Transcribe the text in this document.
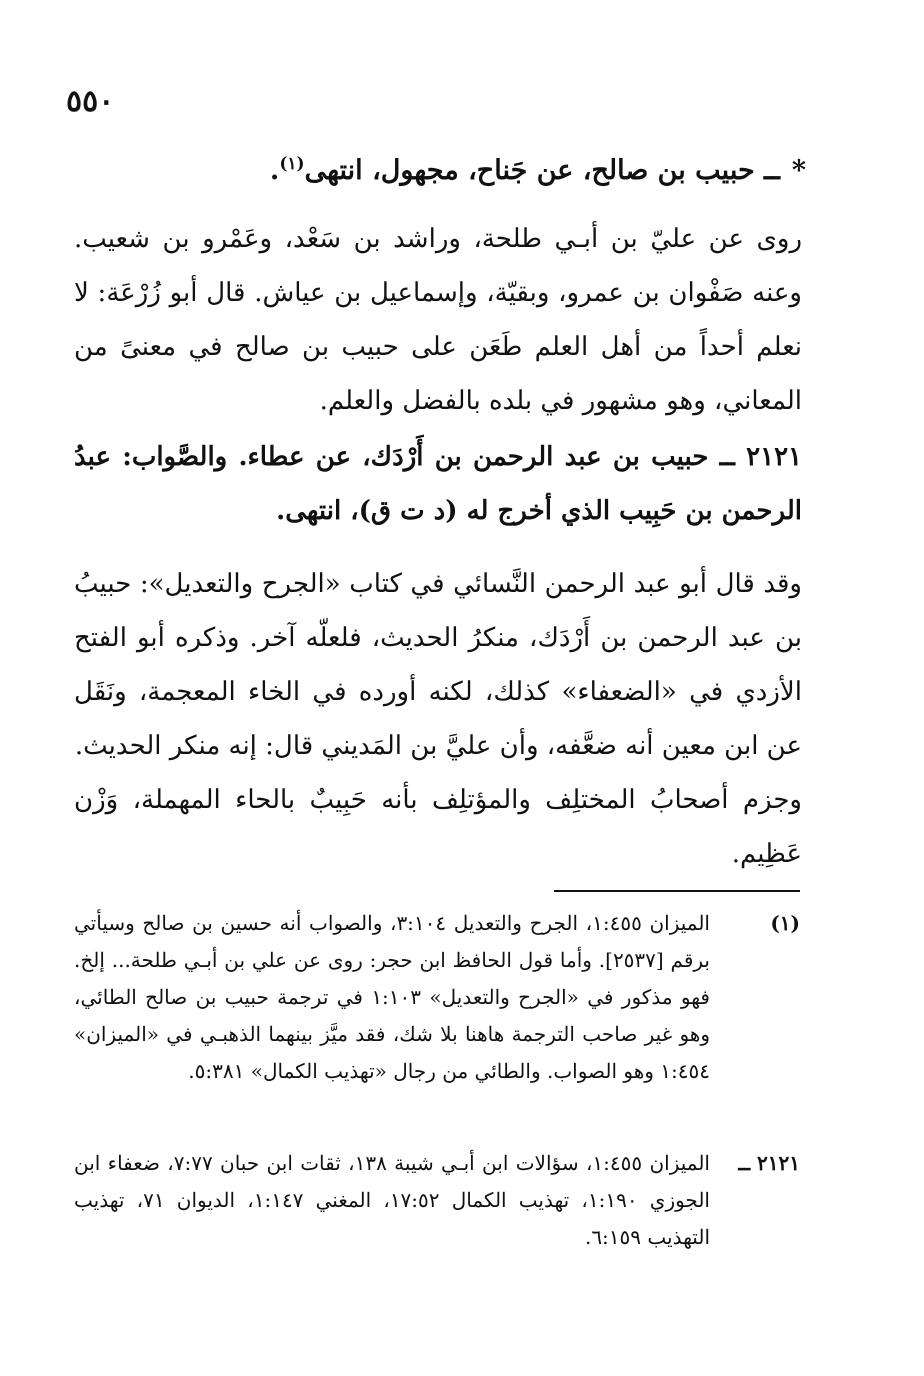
٥٥٠
*ــ حبيب بن صالح، عن جَناح، مجهول، انتهى$^{(١)}$.

روى عن عليّ بن أبـي طلحة، وراشد بن سَعْد، وعَمْرو بن شعيب. وعنه صَفْوان بن عمرو، وبقيّة، وإسماعيل بن عياش. قال أبو زُرْعَة: لا نعلم أحداً من أهل العلم طَعَن على حبيب بن صالح في معنىً من المعاني، وهو مشهور في بلده بالفضل والعلم.

٢١٢١ ــ حبيب بن عبد الرحمن بن أَرْدَك، عن عطاء. والصَّواب: عبدُ الرحمن بن حَبِيب الذي أخرج له (د ت ق)، انتهى.

وقد قال أبو عبد الرحمن النَّسائي في كتاب «الجرح والتعديل»: حبيبُ بن عبد الرحمن بن أَرْدَك، منكرُ الحديث، فلعلّه آخر. وذكره أبو الفتح الأزدي في «الضعفاء» كذلك، لكنه أورده في الخاء المعجمة، ونَقَل عن ابن معين أنه ضعَّفه، وأن عليَّ بن المَديني قال: إنه منكر الحديث.

وجزم أصحابُ المختلِف والمؤتلِف بأنه حَبِيبٌ بالحاء المهملة، وَزْن عَظِيم.

(١)
الميزان ١:٤٥٥، الجرح والتعديل ٣:١٠٤، والصواب أنه حسين بن صالح وسيأتي برقم [٢٥٣٧]. وأما قول الحافظ ابن حجر: روى عن علي بن أبـي طلحة... إلخ. فهو مذكور في «الجرح والتعديل» ١:١٠٣ في ترجمة حبيب بن صالح الطائي، وهو غير صاحب الترجمة هاهنا بلا شك، فقد ميَّز بينهما الذهبـي في «الميزان» ١:٤٥٤ وهو الصواب. والطائي من رجال «تهذيب الكمال» ٥:٣٨١.
٢١٢١ ــ
الميزان ١:٤٥٥، سؤالات ابن أبـي شيبة ١٣٨، ثقات ابن حبان ٧:٧٧، ضعفاء ابن الجوزي ١:١٩٠، تهذيب الكمال ١٧:٥٢، المغني ١:١٤٧، الديوان ٧١، تهذيب التهذيب ٦:١٥٩.
